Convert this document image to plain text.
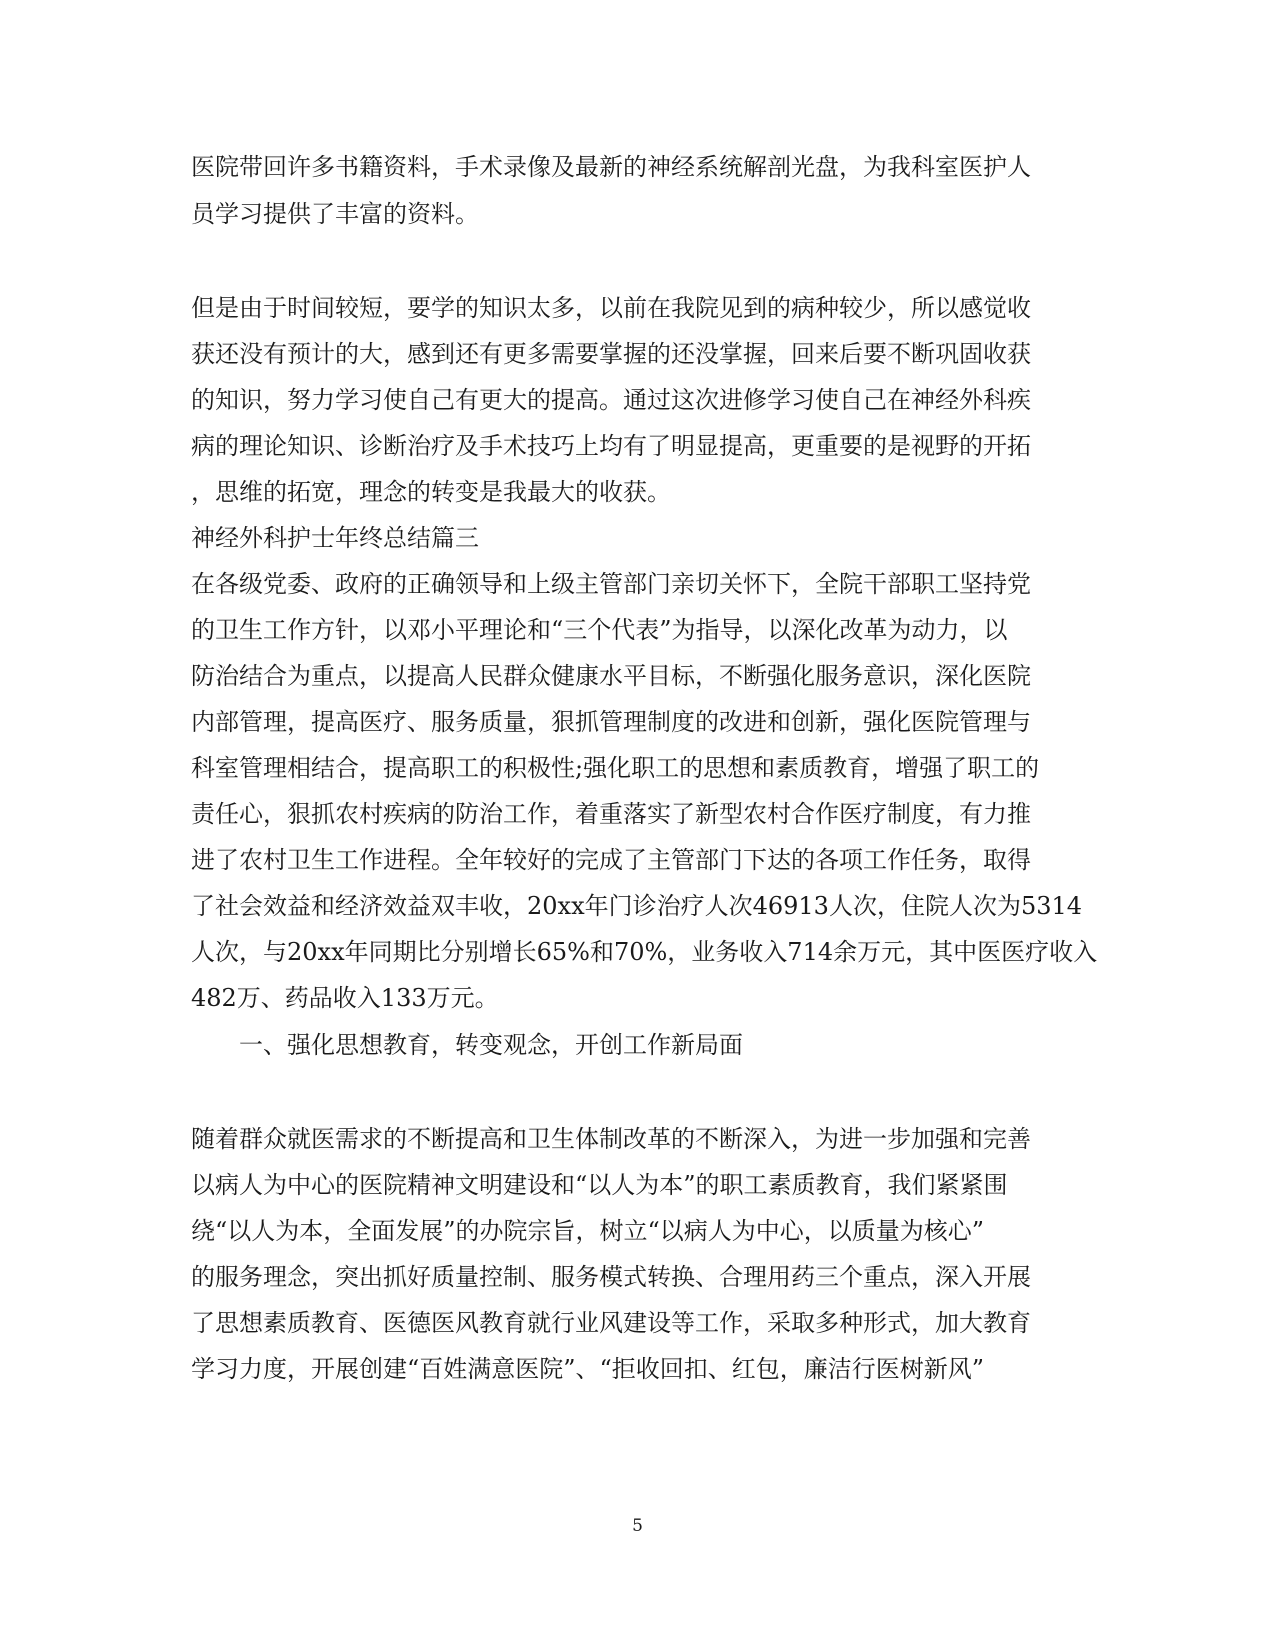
医院带回许多书籍资料，手术录像及最新的神经系统解剖光盘，为我科室医护人
员学习提供了丰富的资料。
但是由于时间较短，要学的知识太多，以前在我院见到的病种较少，所以感觉收
获还没有预计的大，感到还有更多需要掌握的还没掌握，回来后要不断巩固收获
的知识，努力学习使自己有更大的提高。通过这次进修学习使自己在神经外科疾
病的理论知识、诊断治疗及手术技巧上均有了明显提高，更重要的是视野的开拓
，思维的拓宽，理念的转变是我最大的收获。
神经外科护士年终总结篇三
在各级党委、政府的正确领导和上级主管部门亲切关怀下，全院干部职工坚持党
的卫生工作方针，以邓小平理论和“三个代表”为指导，以深化改革为动力，以
防治结合为重点，以提高人民群众健康水平目标，不断强化服务意识，深化医院
内部管理，提高医疗、服务质量，狠抓管理制度的改进和创新，强化医院管理与
科室管理相结合，提高职工的积极性;强化职工的思想和素质教育，增强了职工的
责任心，狠抓农村疾病的防治工作，着重落实了新型农村合作医疗制度，有力推
进了农村卫生工作进程。全年较好的完成了主管部门下达的各项工作任务，取得
了社会效益和经济效益双丰收，20xx年门诊治疗人次46913人次，住院人次为5314
人次，与20xx年同期比分别增长65%和70%，业务收入714余万元，其中医医疗收入
482万、药品收入133万元。
一、强化思想教育，转变观念，开创工作新局面
随着群众就医需求的不断提高和卫生体制改革的不断深入，为进一步加强和完善
以病人为中心的医院精神文明建设和“以人为本”的职工素质教育，我们紧紧围
绕“以人为本，全面发展”的办院宗旨，树立“以病人为中心，以质量为核心”
的服务理念，突出抓好质量控制、服务模式转换、合理用药三个重点，深入开展
了思想素质教育、医德医风教育就行业风建设等工作，采取多种形式，加大教育
学习力度，开展创建“百姓满意医院”、“拒收回扣、红包，廉洁行医树新风”
5
